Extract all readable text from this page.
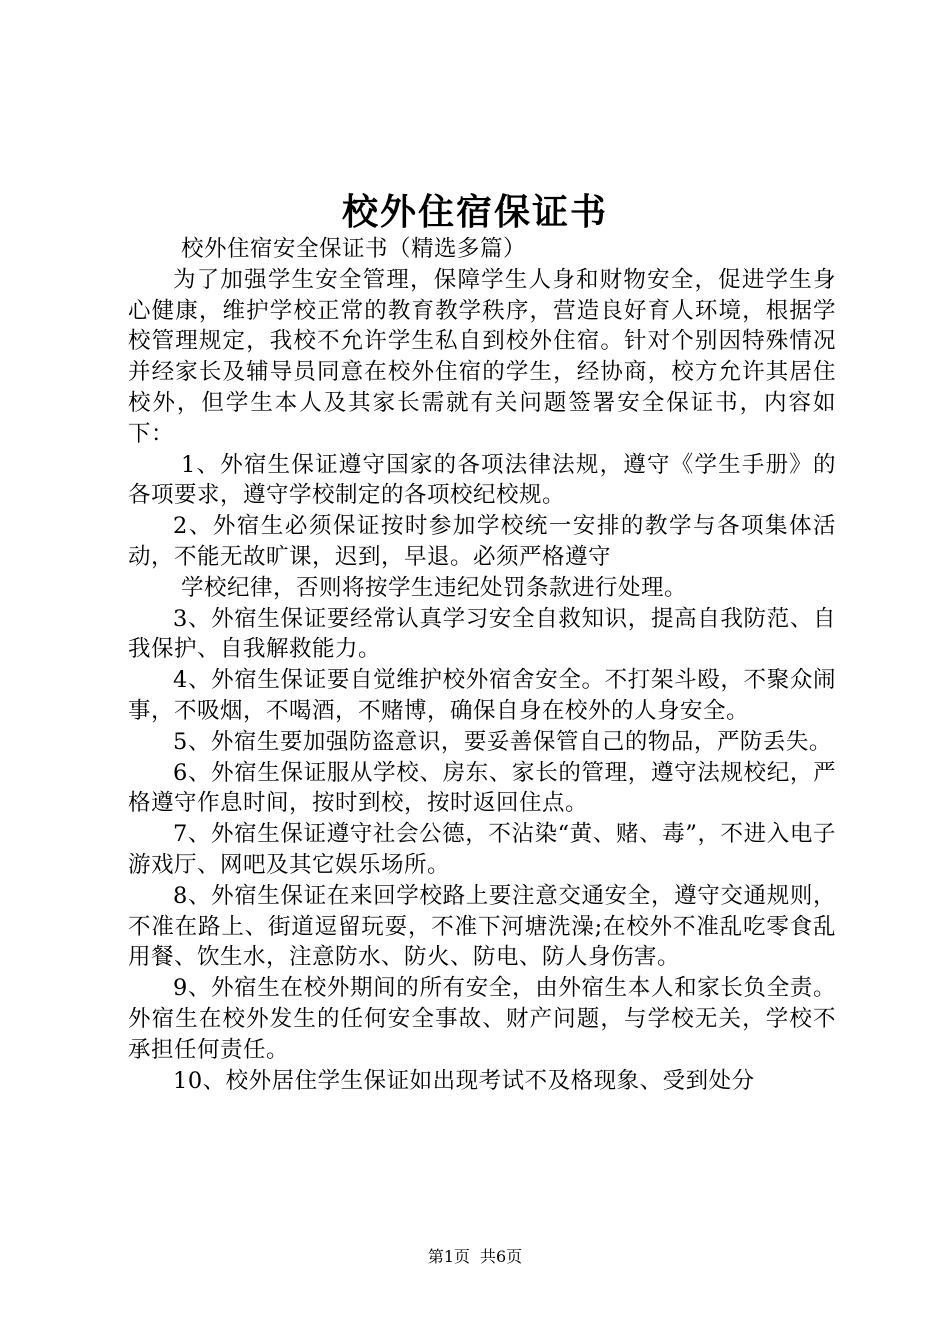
校外住宿保证书

校外住宿安全保证书（精选多篇）

为了加强学生安全管理，保障学生人身和财物安全，促进学生身心健康，维护学校正常的教育教学秩序，营造良好育人环境，根据学校管理规定，我校不允许学生私自到校外住宿。针对个别因特殊情况并经家长及辅导员同意在校外住宿的学生，经协商，校方允许其居住校外，但学生本人及其家长需就有关问题签署安全保证书，内容如下：

1、外宿生保证遵守国家的各项法律法规，遵守《学生手册》的各项要求，遵守学校制定的各项校纪校规。

2、外宿生必须保证按时参加学校统一安排的教学与各项集体活动，不能无故旷课，迟到，早退。必须严格遵守

学校纪律，否则将按学生违纪处罚条款进行处理。

3、外宿生保证要经常认真学习安全自救知识，提高自我防范、自我保护、自我解救能力。

4、外宿生保证要自觉维护校外宿舍安全。不打架斗殴，不聚众闹事，不吸烟，不喝酒，不赌博，确保自身在校外的人身安全。

5、外宿生要加强防盗意识，要妥善保管自己的物品，严防丢失。

6、外宿生保证服从学校、房东、家长的管理，遵守法规校纪，严格遵守作息时间，按时到校，按时返回住点。

7、外宿生保证遵守社会公德，不沾染“黄、赌、毒”，不进入电子游戏厅、网吧及其它娱乐场所。

8、外宿生保证在来回学校路上要注意交通安全，遵守交通规则，不准在路上、街道逗留玩耍，不准下河塘洗澡;在校外不准乱吃零食乱用餐、饮生水，注意防水、防火、防电、防人身伤害。

9、外宿生在校外期间的所有安全，由外宿生本人和家长负全责。外宿生在校外发生的任何安全事故、财产问题，与学校无关，学校不承担任何责任。

10、校外居住学生保证如出现考试不及格现象、受到处分

第1页 共6页
